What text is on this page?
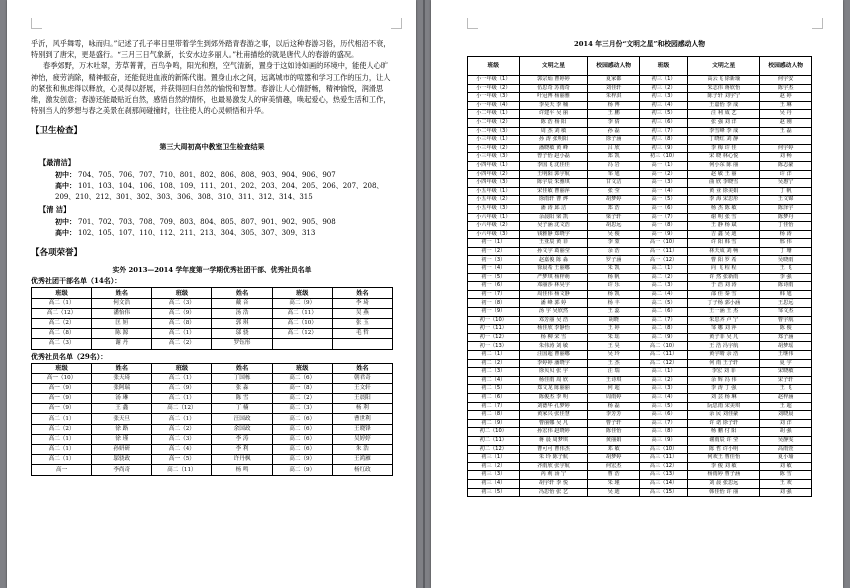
乎沂，风乎舞雩，咏而归。”记述了孔子率日里带着学生到郊外踏青春游之事，以后这种春游习俗，历代相沿不衰，特别到了唐宋，更是盛行。“三月三日气象新，长安水边多丽人。”杜甫描绘的就是唐代人的春游的盛况。

春季郊野，万木吐翠，芳草菁菁，百鸟争鸣，阳光和煦，空气清新，置身于这如诗如画的环境中，能使人心旷神怡，疲劳消除，精神振奋，还能促进血液的新陈代谢。置身山水之间，远离城市的喧嚣和学习工作的压力，让人的紧张和焦虑得以释放，心灵得以舒展，并获得回归自然的愉悦和智慧。春游让人心情舒畅，精神愉悦，润滑思维，激发创意；春游还能最贴近自然，感悟自然的情怀，也最易激发人的审美情趣，唤起爱心，热爱生活和工作，特别当人的梦想与春之美景在刹那间碰撞时，往往使人的心灵顿悟和升华。

【卫生检查】
第三大周初高中教室卫生检查结果
【最清洁】
初中： 704、705、706、707、710、801、802、806、808、903、904、906、907
高中： 101、103、104、106、108、109、111、201、202、203、204、205、206、207、208、209、210、212、301、302、303、306、308、310、311、312、314、315
【清 洁】
初中： 701、702、703、708、709、803、804、805、807、901、902、905、908
高中： 102、105、107、110、112、211、213、304、305、307、309、313
【各项荣誉】
实外 2013—2014 学年度第一学期优秀社团干部、优秀社员名单
优秀社团干部名单（14名）：
班级	姓名	班级	姓名	班级	姓名
高二（1）	何文浩	高二（3）	戴 音	高二（9）	李 琦
高二（12）	潘怡伟	高二（9）	汤 浩	高二（11）	吴 燕
高二（2）	匡 姮	高二（8）	郭 琪	高二（10）	张 玉
高二（8）	陈 源	高二（1）	邬 骁	高二（12）	毛 哲
高二（3）	谢 丹	高二（2）	罗钰彤		
优秀社员名单（29名）：
班级	姓名	班级	姓名	班级	姓名
高一（10）	张天琦	高二（1）	丁国栋	高二（6）	朝君奇
高一（9）	张阿瑞	高二（9）	张 淼	高一（8）	王文轩
高一（9）	汤 琳	高二（1）	陈 雪	高二（2）	王晨阳
高一（9）	王 鑫	高二（12）	丁 楠	高二（3）	杨 利
高二（1）	张天旦	高二（1）	汪国政	高二（6）	曹世利
高二（2）	徐 路	高二（2）	余国政	高二（6）	王晓锋
高二（1）	徐 瑾	高二（3）	李 涛	高二（6）	吴婷婷
高二（1）	孙妍研	高二（4）	李 利	高二（6）	朱 浩
高二（1）	邬骁政	高一（5）	许丹枫	高二（9）	王鸿雁
高一	李尚奇	高二（11）	杨 鸣	高二（9）	杨红政
2014 年三月份“文明之星”和校园感动人物
班级	文明之星	校园感动人物	班级	文明之星	校园感动人物
小一年级（1）	郭宗灿 曹婷婷	夏家都	初三（1）	高云飞 徐新瑜	何宇安
小一年级（2）	伍思奇 苏雨奇	刘佳轩	初三（2）	朱志伟 蒋欣怡	陈宇杰
小一年级（3）	叶冠博 杨丽雅	朱梓淇	初三（3）	陈子轩 刘宇宁	赵 婷
小一年级（4）	李昊天 李 楠	杨 博	初三（4）	王嘉怡 李 成	王 琳
小二年级（1）	许建平 吴 丽	王 鹏	初三（5）	汪 利 成 艺	吴 丹
小二年级（2）	陈 浩 杨 阳	李 倩	初三（6）	张 强 刘 洋	赵 刚
小二年级（3）	周 杰 刘 敏	孙 磊	初三（7）	李雪峰 李 成	王 磊
小三年级（1）	孙 涛 张明阳	徐子涵	初三（8）	丁晓红 刘 静	
小三年级（2）	潘晓敏 黄 峰	吕 欣	初三（9）	李 梅 许 佳	何宇婷
小三年级（3）	曾子怡 赵小磊	郑 凯	初三（10）	宋 晓 林心悦	刘 畅
小四年级（1）	李国飞 沈佳佳	冯 岩	高一（1）	何小东 陈 丽	陈志豪
小四年级（2）	王明阳 郭宇航	邹 旭	高一（2）	赵 敏 王 丽	许 洋
小四年级（3）	陈宇辰 朱雅琪	甘文洁	高一（3）	曲 欣 李晓雪	吴惠宁
小五年级（1）	宋佳敏 曹丽萍	张 莹	高一（4）	黄 业 徐美娟	丁 帆
小五年级（2）	徐雨轩 曹 烨	胡梦婷	高一（5）	李 海 宋思彤	王文锦
小五年级（3）	潘 涛 邱 洁	郑 浩	高一（6）	杨 杰 陈 敏	陈泽宇
小六年级（1）	余晨阳 梁 凯	梁子轩	高一（7）	谢 明 张 雪	陈梦丹
小六年级（2）	吴子涵 沈文浩	胡思远	高一（8）	王 静 杨 斌	丁佳怡
小六年级（3）	钱雅静 郑晓宇	吴 俊	高一（9）	吉 鑫 吴 迪	杨 涛
初一（1）	王亚辰 黄 菲	李 蒙	高一（10）	许 阳 韩 雪	邢 伟
初一（2）	孙文宇 葛丽莹	余 浩	高一（11）	林天成 刘 畅	丁 珊
初一（3）	赵嘉俊 陈 淼	罗子涵	高一（12）	曹 阳 罗 希	吴晓雨
初一（4）	徐晨希 王丽娜	朱 凯	高二（1）	向 飞 程 程	王 飞
初一（5）	严梦琪 杨梓萌	杨 帆	高二（2）	许 然 张新雨	李 强
初一（6）	邓丽莎 林昊宇	许 乐	高二（3）	于 浩 刘 涛	陈诗雨
初一（7）	周佳伟 杨文静	杨 凯	高二（4）	邵 佳 秦 雪	韩 旭
初一（8）	潘 峰 郭 婷	杨 丰	高二（5）	丁子杨 郭小涵	王思远
初一（9）	汤 宇 吴欣然	王 蕊	高二（6）	王一涵 王 杰	邹文杰
初一（10）	邓芳丽 吴 浩	胡晓	高二（7）	朱思齐 卢 宁	曹宇航
初一（11）	杨佳欣 李静怡	王 婷	高二（8）	邹 娜 刘 萍	陈 俊
初一（12）	杨 柳 宋 雪	朱 瑶	高二（9）	黄子菲 吴 凡	郑子涵
初一（13）	朱伟涛 刘 敏	王 昊	高二（10）	王 浩 冯宇航	胡梦瑶
初二（1）	汪国超 曹丽娜	吴 玲	高二（11）	黄宇晴 余 浩	王继伟
初二（2）	李婷婷 潘晓宇	王 杰	高二（12）	何 雨 王子轩	夏 宇
初二（3）	徐贝贝 张 宇	汪 瑞	高三（1）	李宏 刘 菲	宋晓敏
初二（4）	杨佳雨 周 欣	王诗琪	高三（2）	余 辉 冯 伟	宋子轩
初二（5）	郑文龙 陈丽丽	何 超	高三（3）	李 涛 丁 强	王 飞
初二（6）	陈俊杰 李 明	周雨婷	高三（4）	刘 芸 杨 琳	赵梓涵
初二（7）	刘德华 孔梦婷	杨 磊	高三（5）	阮思雨 宋美琪	王 超
初二（8）	黄家兴 张佳慧	李芳芳	高三（6）	余 民 刘佳豪	刘晓晨
初二（9）	曹丽娜 吴 凡	曹子轩	高三（7）	许 诺 徐子轩	刘 洋
初二（10）	孙宏伟 赵晓婷	陈佳怡	高三（8）	杨 鹏 付 阳	胡 强
初二（11）	蒋 晨 周梦琪	黄丽娟	高三（9）	谢雨辰 许 莹	吴静雯
初二（12）	曹可可 曹伟杰	邓 敏	高三（10）	陈 哲 许小明	高雨萱
初三（1）	朱 玲 陈子航	胡梦婷	高三（11）	何欢王 曹佳怡	夏小瑜
初三（2）	齐雨欣 张宇航	何宏杰	高三（12）	李 俊 刘 敏	刘 敏
初三（3）	芮 莉 汤 宁	曹 浩	高三（13）	杨雨婷 曹子涵	陈 雪
初三（4）	胡宇轩 李 悦	朱 瑾	高三（14）	刘 晨 张思远	王 欢
初三（5）	冯思怡 张 艺	吴 迪	高三（15）	韩佳怡 许 丽	刘 强
